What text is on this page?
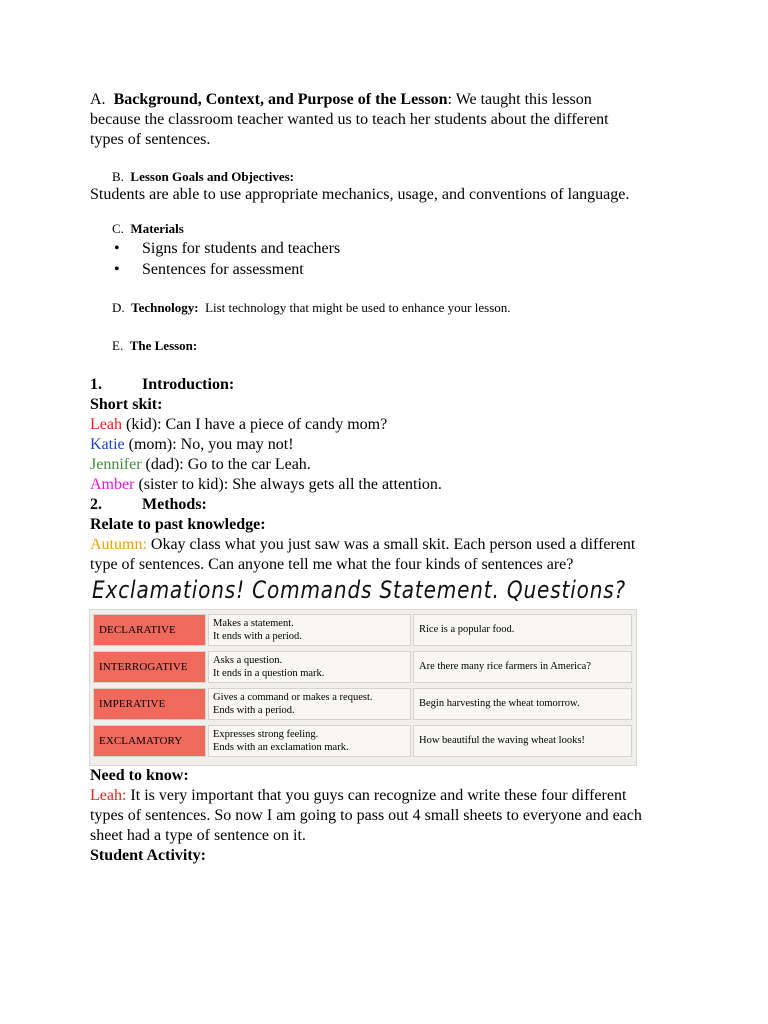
A. Background, Context, and Purpose of the Lesson: We taught this lesson
because the classroom teacher wanted us to teach her students about the different
types of sentences.
B. Lesson Goals and Objectives:
Students are able to use appropriate mechanics, usage, and conventions of language.
C. Materials
• Signs for students and teachers
• Sentences for assessment
D. Technology: List technology that might be used to enhance your lesson.
E. The Lesson:
1.	Introduction:
Short skit:
Leah (kid): Can I have a piece of candy mom?
Katie (mom): No, you may not!
Jennifer (dad): Go to the car Leah.
Amber (sister to kid): She always gets all the attention.
2.	Methods:
Relate to past knowledge:
Autumn: Okay class what you just saw was a small skit. Each person used a different
type of sentences. Can anyone tell me what the four kinds of sentences are?
Exclamations! Commands Statement. Questions?
DECLARATIVE
Makes a statement.
It ends with a period.
Rice is a popular food.
INTERROGATIVE
Asks a question.
It ends in a question mark.
Are there many rice farmers in America?
IMPERATIVE
Gives a command or makes a request.
Ends with a period.
Begin harvesting the wheat tomorrow.
EXCLAMATORY
Expresses strong feeling.
Ends with an exclamation mark.
How beautiful the waving wheat looks!
Need to know:
Leah: It is very important that you guys can recognize and write these four different
types of sentences. So now I am going to pass out 4 small sheets to everyone and each
sheet had a type of sentence on it.
Student Activity:
